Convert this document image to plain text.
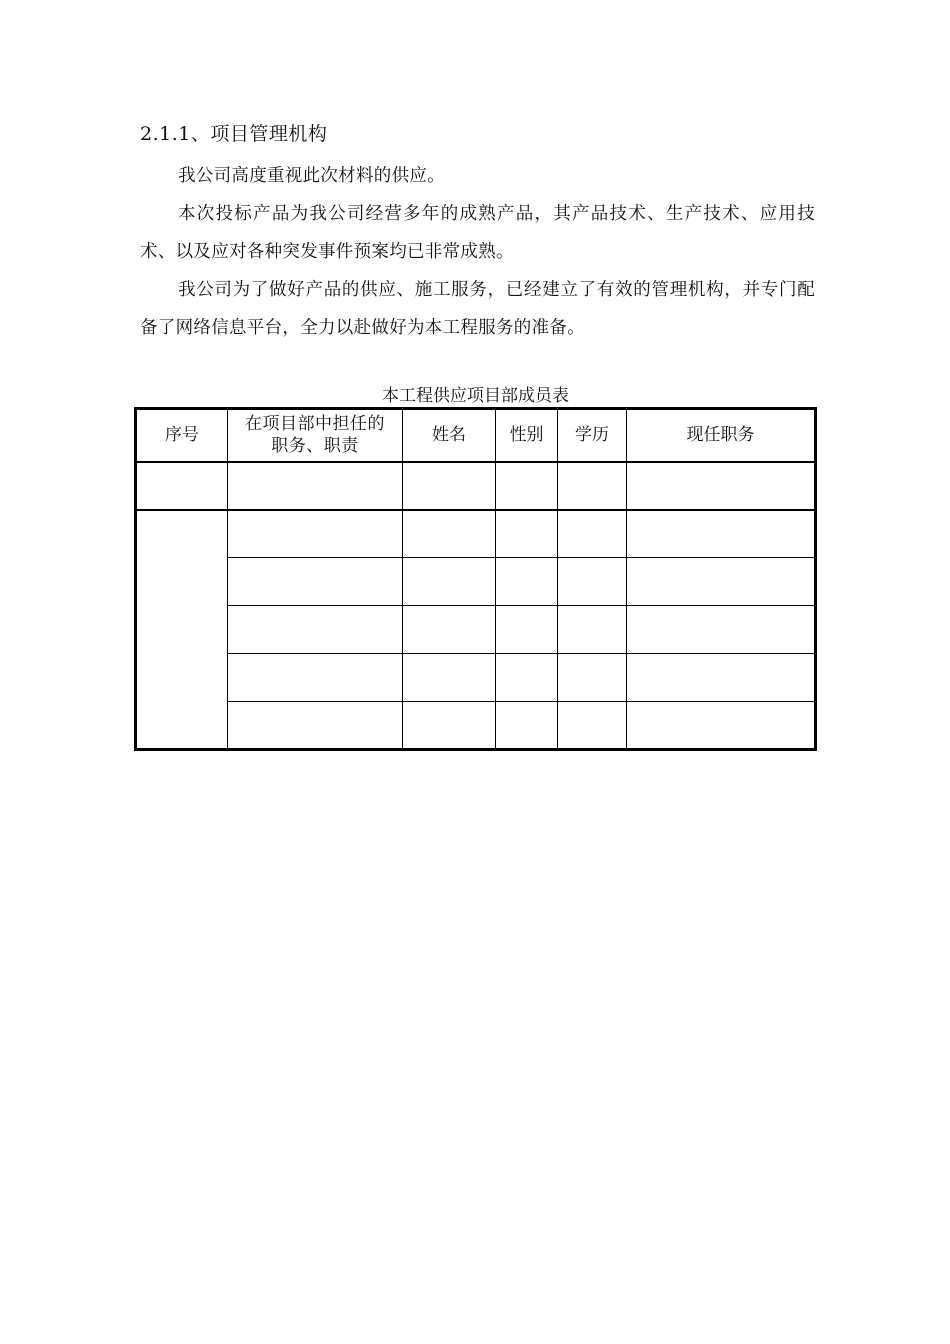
2.1.1、项目管理机构

我公司高度重视此次材料的供应。

本次投标产品为我公司经营多年的成熟产品，其产品技术、生产技术、应用技术、以及应对各种突发事件预案均已非常成熟。

我公司为了做好产品的供应、施工服务，已经建立了有效的管理机构，并专门配备了网络信息平台，全力以赴做好为本工程服务的准备。

本工程供应项目部成员表
序号	在项目部中担任的
职务、职责	姓名	性别	学历	现任职务
